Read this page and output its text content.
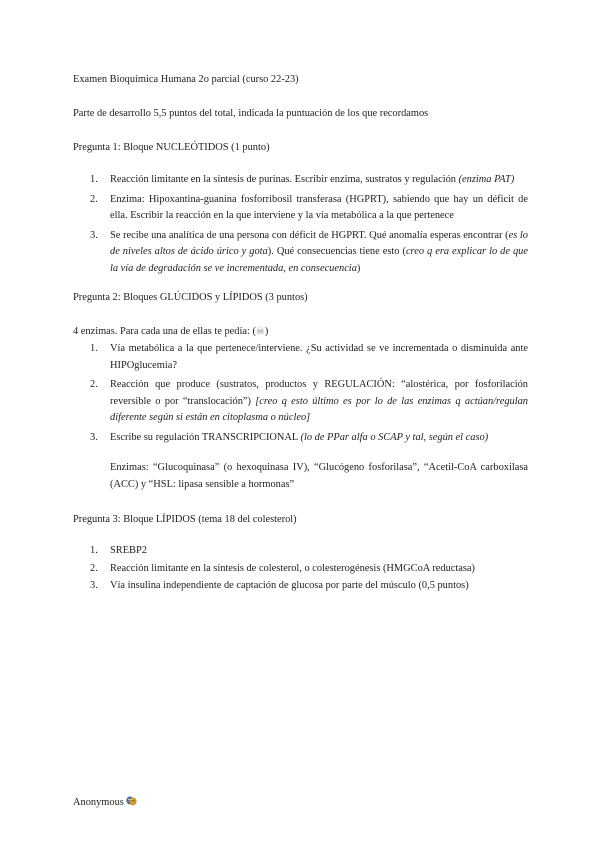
Examen Bioquímica Humana 2o parcial (curso 22-23)
Parte de desarrollo 5,5 puntos del total, indicada la puntuación de los que recordamos
Pregunta 1: Bloque NUCLEÓTIDOS (1 punto)
1. Reacción limitante en la síntesis de purinas. Escribir enzima, sustratos y regulación (enzima PAT)
2. Enzima: Hipoxantina-guanina fosforribosil transferasa (HGPRT), sabiendo que hay un déficit de ella. Escribir la reacción en la que interviene y la vía metabólica a la que pertenece
3. Se recibe una analítica de una persona con déficit de HGPRT. Qué anomalía esperas encontrar (es lo de niveles altos de ácido úrico y gota). Qué consecuencias tiene esto (creo q era explicar lo de que la vía de degradación se ve incrementada, en consecuencia)
Pregunta 2: Bloques GLÚCIDOS y LÍPIDOS (3 puntos)
4 enzimas. Para cada una de ellas te pedía: (☠)
1. Vía metabólica a la que pertenece/interviene. ¿Su actividad se ve incrementada o disminuida ante HIPOglucemia?
2. Reacción que produce (sustratos, productos y REGULACIÓN: “alostérica, por fosforilación reversible o por “translocación”) [creo q esto último es por lo de las enzimas q actúan/regulan diferente según si están en citoplasma o núcleo]
3. Escribe su regulación TRANSCRIPCIONAL (lo de PPar alfa o SCAP y tal, según el caso)
Enzimas: “Glucoquinasa” (o hexoquinasa IV), “Glucógeno fosforilasa”, “Acetil-CoA carboxilasa (ACC) y “HSL: lipasa sensible a hormonas”
Pregunta 3: Bloque LÍPIDOS (tema 18 del colesterol)
1. SREBP2
2. Reacción limitante en la síntesis de colesterol, o colesterogénesis (HMGCoA reductasa)
3. Vía insulina independiente de captación de glucosa por parte del músculo (0,5 puntos)
Anonymous
